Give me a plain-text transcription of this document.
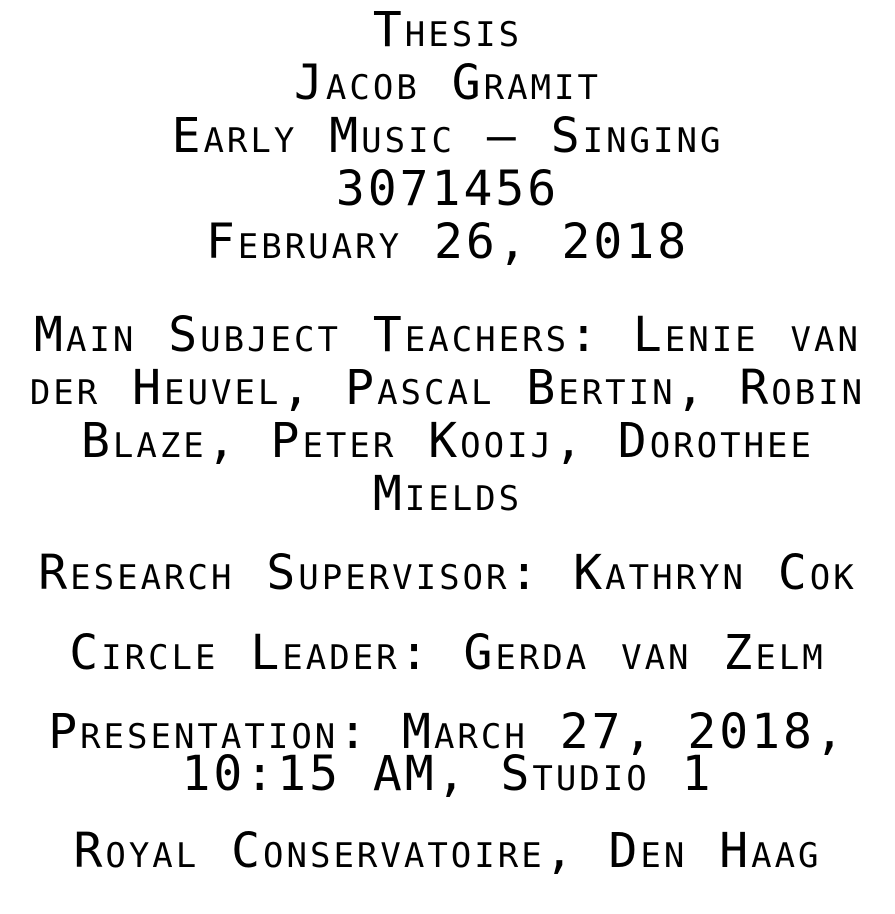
Thesis
Jacob Gramit
Early Music — Singing
3071456
February 26, 2018
Main Subject Teachers: Lenie van
der Heuvel, Pascal Bertin, Robin
Blaze, Peter Kooij, Dorothee
Mields
Research Supervisor: Kathryn Cok
Circle Leader: Gerda van Zelm
Presentation: March 27, 2018,
10:15 AM, Studio 1
Royal Conservatoire, Den Haag
